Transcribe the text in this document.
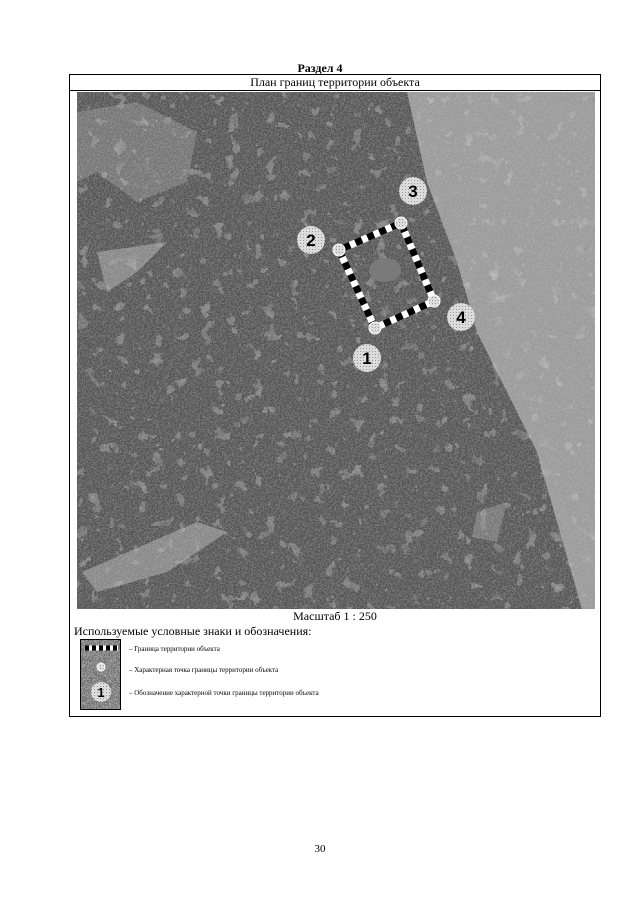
Раздел 4
План границ территории объекта
1
2
3
4
Масштаб 1 : 250
Используемые условные знаки и обозначения:
1
– Граница территории объекта
– Характерная точка границы территории объекта
– Обозначение характерной точки границы территории объекта
30
